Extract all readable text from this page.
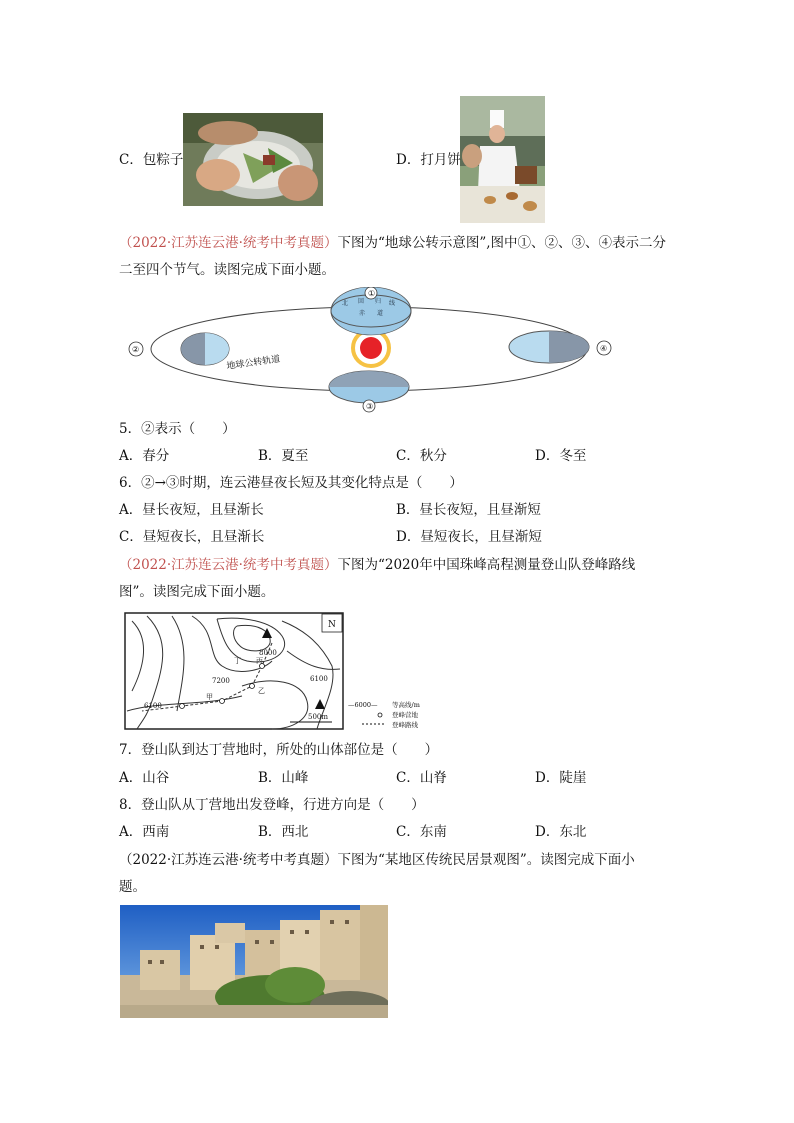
C．包粽子	D．打月饼
（2022·江苏连云港·统考中考真题）下图为“地球公转示意图”,图中①、②、③、④表示二分
二至四个节气。读图完成下面小题。
北 回 归 线
赤 道
①
②
③
④
地球公转轨道
5．②表示（　　）
A．春分	B．夏至	C．秋分	D．冬至
6．②→③时期，连云港昼夜长短及其变化特点是（　　）
A．昼长夜短，且昼渐长	B．昼长夜短，且昼渐短
C．昼短夜长，且昼渐长	D．昼短夜长，且昼渐短
（2022·江苏连云港·统考中考真题）下图为“2020年中国珠峰高程测量登山队登峰路线
图”。读图完成下面小题。
8000
7200	6100
6100
丁 丙
乙
甲
N
500m
—6000— 等高线/m
登峰营地
登峰路线
7．登山队到达丁营地时，所处的山体部位是（　　）
A．山谷	B．山峰	C．山脊	D．陡崖
8．登山队从丁营地出发登峰，行进方向是（　　）
A．西南	B．西北	C．东南	D．东北
（2022·江苏连云港·统考中考真题）下图为“某地区传统民居景观图”。读图完成下面小
题。
